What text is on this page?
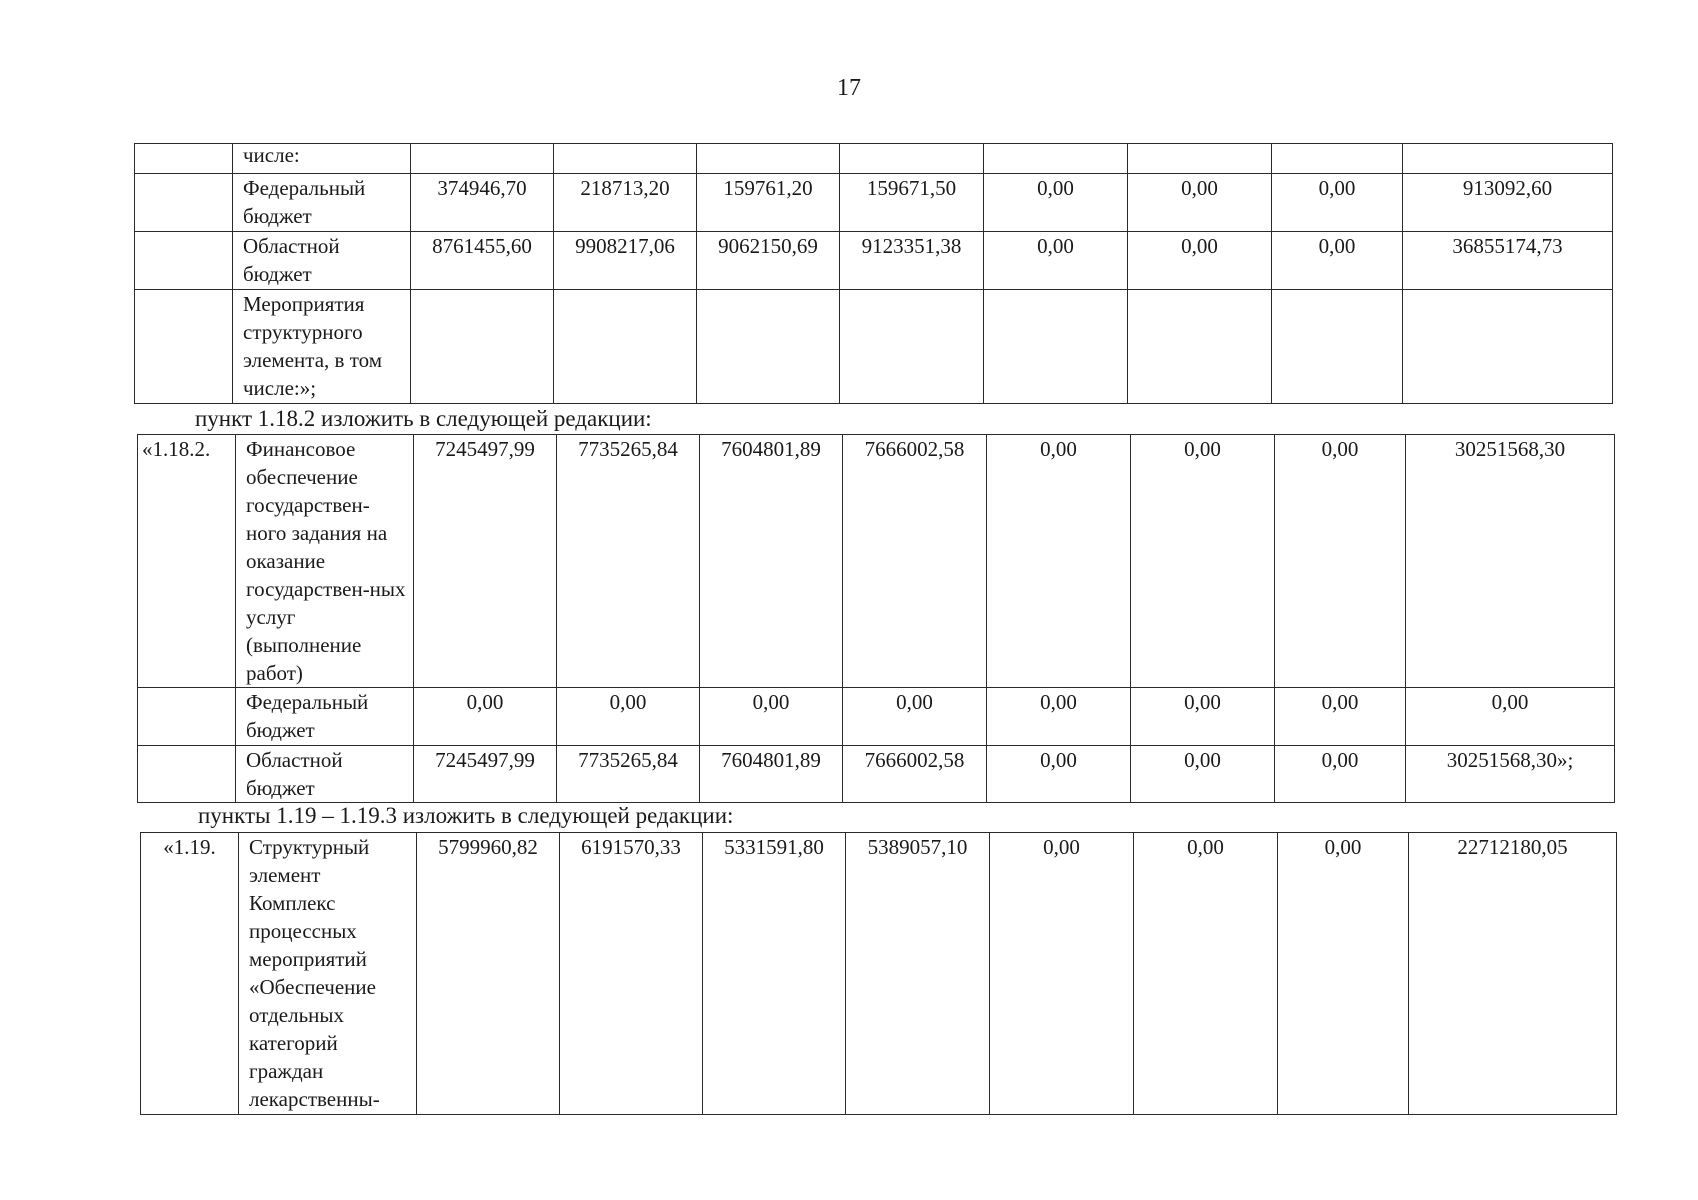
17
	числе:								
	Федеральный бюджет	374946,70	218713,20	159761,20	159671,50	0,00	0,00	0,00	913092,60
	Областной бюджет	8761455,60	9908217,06	9062150,69	9123351,38	0,00	0,00	0,00	36855174,73
	Мероприятия структурного элемента, в том числе:»;								
пункт 1.18.2 изложить в следующей редакции:
«1.18.2.	Финансовое обеспечение государствен-ного задания на оказание государствен-ных услуг (выполнение работ)	7245497,99	7735265,84	7604801,89	7666002,58	0,00	0,00	0,00	30251568,30
	Федеральный бюджет	0,00	0,00	0,00	0,00	0,00	0,00	0,00	0,00
	Областной бюджет	7245497,99	7735265,84	7604801,89	7666002,58	0,00	0,00	0,00	30251568,30»;
пункты 1.19 – 1.19.3 изложить в следующей редакции:
«1.19.	Структурный элемент Комплекс процессных мероприятий «Обеспечение отдельных категорий граждан лекарственны-	5799960,82	6191570,33	5331591,80	5389057,10	0,00	0,00	0,00	22712180,05
